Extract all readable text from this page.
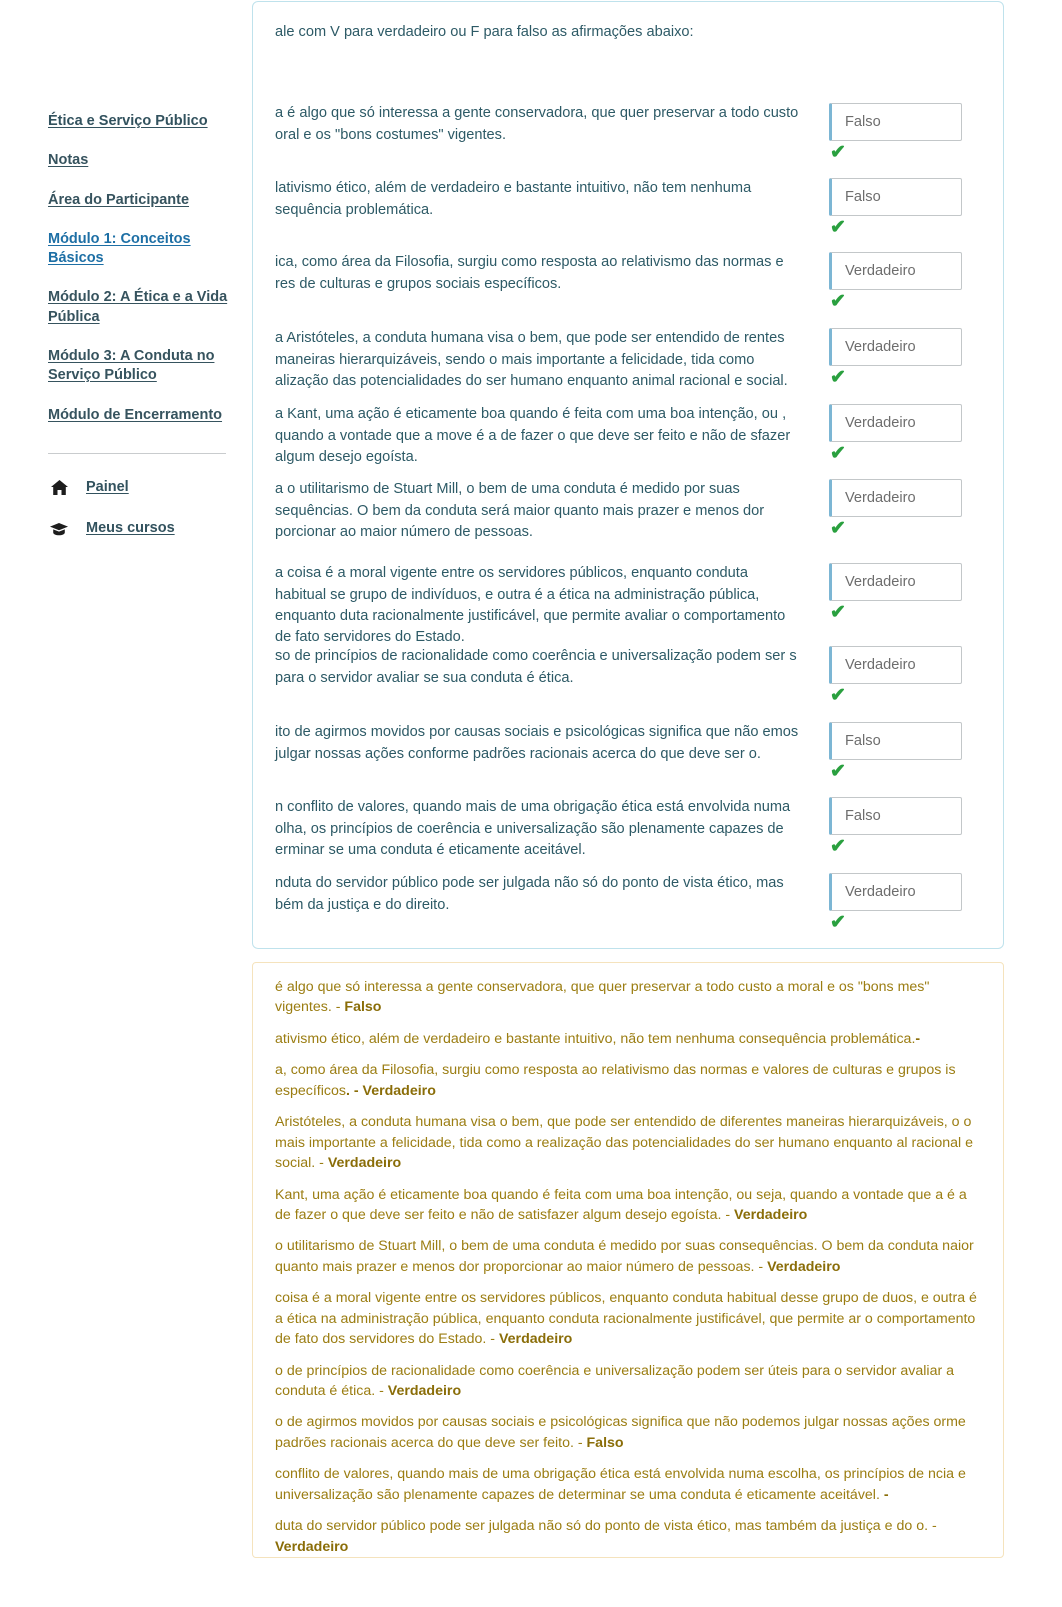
Ética e Serviço Público
Notas
Área do Participante
Módulo 1: Conceitos Básicos
Módulo 2: A Ética e a Vida Pública
Módulo 3: A Conduta no Serviço Público
Módulo de Encerramento
Painel
Meus cursos
ale com V para verdadeiro ou F para falso as afirmações abaixo:
a é algo que só interessa a gente conservadora, que quer preservar a todo custo oral e os "bons costumes" vigentes.
Falso
✔
lativismo ético, além de verdadeiro e bastante intuitivo, não tem nenhuma sequência problemática.
Falso
✔
ica, como área da Filosofia, surgiu como resposta ao relativismo das normas e res de culturas e grupos sociais específicos.
Verdadeiro
✔
a Aristóteles, a conduta humana visa o bem, que pode ser entendido de rentes maneiras hierarquizáveis, sendo o mais importante a felicidade, tida como alização das potencialidades do ser humano enquanto animal racional e social.
Verdadeiro
✔
a Kant, uma ação é eticamente boa quando é feita com uma boa intenção, ou , quando a vontade que a move é a de fazer o que deve ser feito e não de sfazer algum desejo egoísta.
Verdadeiro
✔
a o utilitarismo de Stuart Mill, o bem de uma conduta é medido por suas sequências. O bem da conduta será maior quanto mais prazer e menos dor porcionar ao maior número de pessoas.
Verdadeiro
✔
a coisa é a moral vigente entre os servidores públicos, enquanto conduta habitual se grupo de indivíduos, e outra é a ética na administração pública, enquanto duta racionalmente justificável, que permite avaliar o comportamento de fato servidores do Estado.
Verdadeiro
✔
so de princípios de racionalidade como coerência e universalização podem ser s para o servidor avaliar se sua conduta é ética.
Verdadeiro
✔
ito de agirmos movidos por causas sociais e psicológicas significa que não emos julgar nossas ações conforme padrões racionais acerca do que deve ser o.
Falso
✔
n conflito de valores, quando mais de uma obrigação ética está envolvida numa olha, os princípios de coerência e universalização são plenamente capazes de erminar se uma conduta é eticamente aceitável.
Falso
✔
nduta do servidor público pode ser julgada não só do ponto de vista ético, mas bém da justiça e do direito.
Verdadeiro
✔

é algo que só interessa a gente conservadora, que quer preservar a todo custo a moral e os "bons mes" vigentes. - Falso

ativismo ético, além de verdadeiro e bastante intuitivo, não tem nenhuma consequência problemática.-

a, como área da Filosofia, surgiu como resposta ao relativismo das normas e valores de culturas e grupos is específicos. - Verdadeiro

Aristóteles, a conduta humana visa o bem, que pode ser entendido de diferentes maneiras hierarquizáveis, o o mais importante a felicidade, tida como a realização das potencialidades do ser humano enquanto al racional e social. - Verdadeiro

Kant, uma ação é eticamente boa quando é feita com uma boa intenção, ou seja, quando a vontade que a é a de fazer o que deve ser feito e não de satisfazer algum desejo egoísta. - Verdadeiro

o utilitarismo de Stuart Mill, o bem de uma conduta é medido por suas consequências. O bem da conduta naior quanto mais prazer e menos dor proporcionar ao maior número de pessoas. - Verdadeiro

coisa é a moral vigente entre os servidores públicos, enquanto conduta habitual desse grupo de duos, e outra é a ética na administração pública, enquanto conduta racionalmente justificável, que permite ar o comportamento de fato dos servidores do Estado. - Verdadeiro

o de princípios de racionalidade como coerência e universalização podem ser úteis para o servidor avaliar a conduta é ética. - Verdadeiro

o de agirmos movidos por causas sociais e psicológicas significa que não podemos julgar nossas ações orme padrões racionais acerca do que deve ser feito. - Falso

conflito de valores, quando mais de uma obrigação ética está envolvida numa escolha, os princípios de ncia e universalização são plenamente capazes de determinar se uma conduta é eticamente aceitável. -

duta do servidor público pode ser julgada não só do ponto de vista ético, mas também da justiça e do o. - Verdadeiro
